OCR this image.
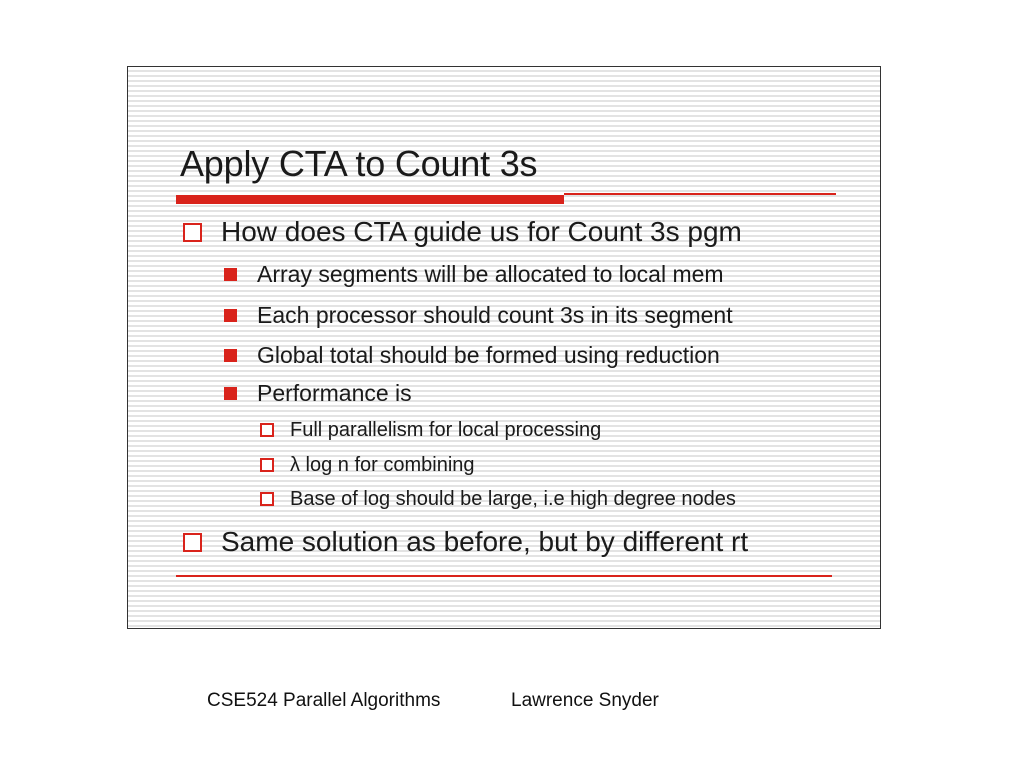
Apply CTA to Count 3s
How does CTA guide us for Count 3s pgm
Array segments will be allocated to local mem
Each processor should count 3s in its segment
Global total should be formed using reduction
Performance is
Full parallelism for local processing
λ log n for combining
Base of log should be large, i.e high degree nodes
Same solution as before, but by different rt
CSE524 Parallel Algorithms	Lawrence Snyder
